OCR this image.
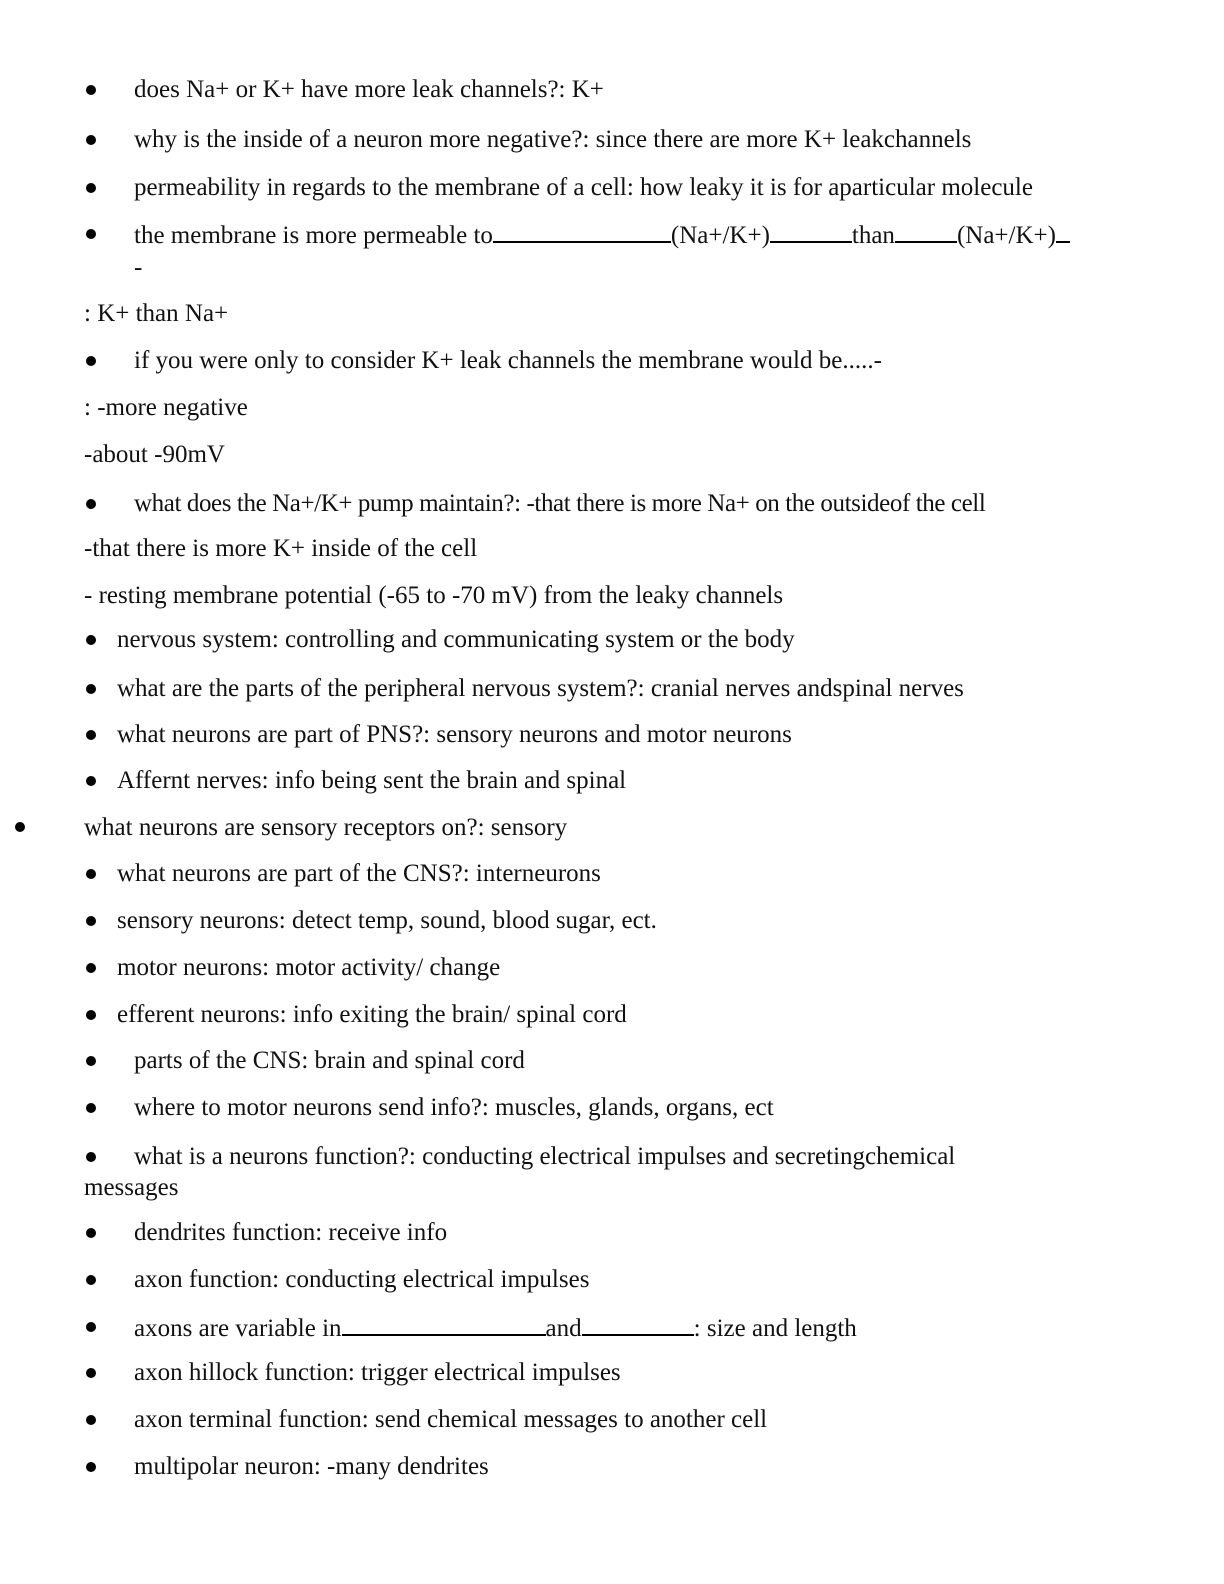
does Na+ or K+ have more leak channels?: K+
why is the inside of a neuron more negative?: since there are more K+ leakchannels
permeability in regards to the membrane of a cell: how leaky it is for aparticular molecule
the membrane is more permeable to	(Na+/K+)	than (Na+/K+)
-
: K+ than Na+
if you were only to consider K+ leak channels the membrane would be.....-
: -more negative
-about -90mV
what does the Na+/K+ pump maintain?: -that there is more Na+ on the outsideof the cell
-that there is more K+ inside of the cell
- resting membrane potential (-65 to -70 mV) from the leaky channels
nervous system: controlling and communicating system or the body
what are the parts of the peripheral nervous system?: cranial nerves andspinal nerves
what neurons are part of PNS?: sensory neurons and motor neurons
Affernt nerves: info being sent the brain and spinal
what neurons are sensory receptors on?: sensory
what neurons are part of the CNS?: interneurons
sensory neurons: detect temp, sound, blood sugar, ect.
motor neurons: motor activity/ change
efferent neurons: info exiting the brain/ spinal cord
parts of the CNS: brain and spinal cord
where to motor neurons send info?: muscles, glands, organs, ect
what is a neurons function?: conducting electrical impulses and secretingchemical
messages
dendrites function: receive info
axon function: conducting electrical impulses
axons are variable in	and	: size and length
axon hillock function: trigger electrical impulses
axon terminal function: send chemical messages to another cell
multipolar neuron: -many dendrites
